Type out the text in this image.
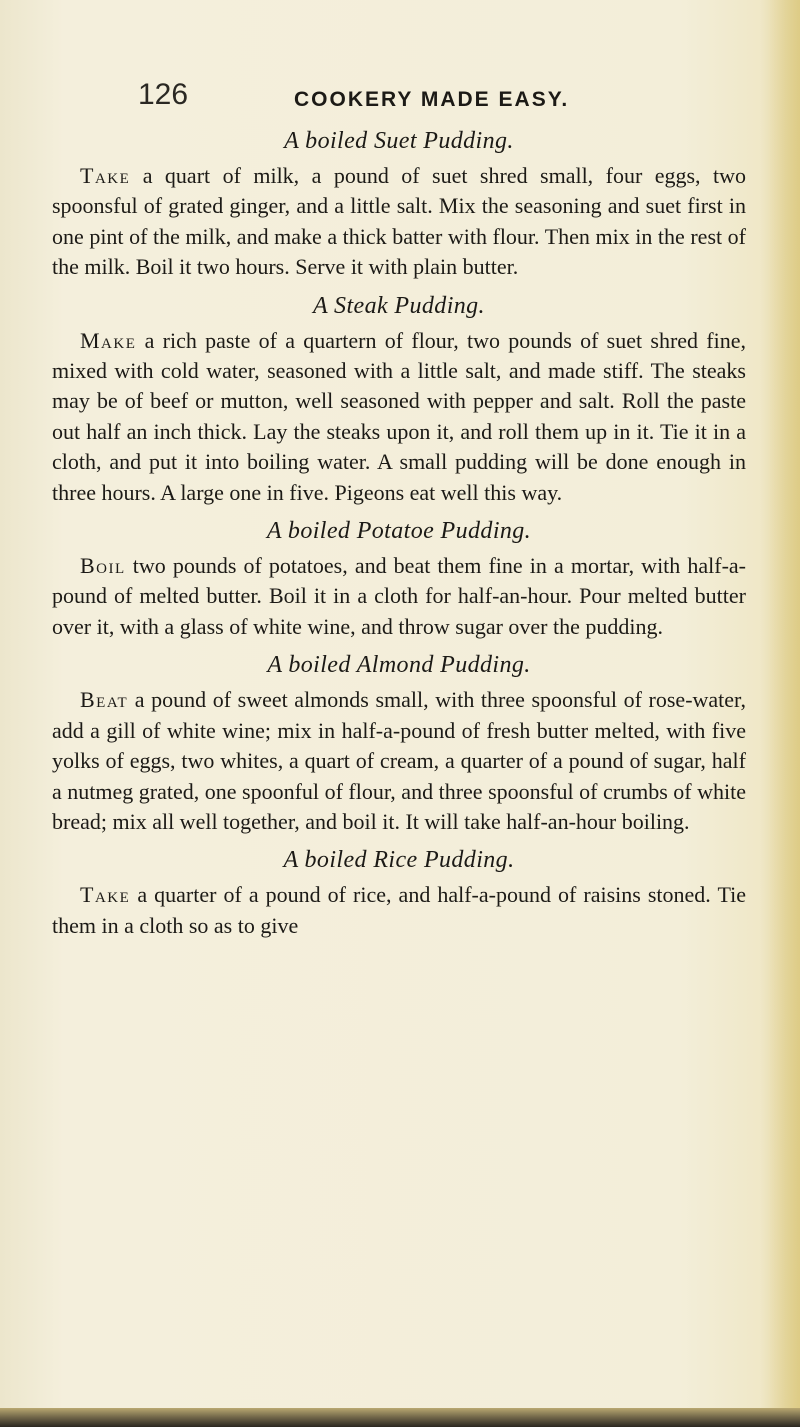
126	COOKERY MADE EASY.
A boiled Suet Pudding.

Take a quart of milk, a pound of suet shred small, four eggs, two spoonsful of grated ginger, and a little salt. Mix the seasoning and suet first in one pint of the milk, and make a thick batter with flour. Then mix in the rest of the milk. Boil it two hours. Serve it with plain butter.

A Steak Pudding.

Make a rich paste of a quartern of flour, two pounds of suet shred fine, mixed with cold water, seasoned with a little salt, and made stiff. The steaks may be of beef or mutton, well seasoned with pepper and salt. Roll the paste out half an inch thick. Lay the steaks upon it, and roll them up in it. Tie it in a cloth, and put it into boiling water. A small pudding will be done enough in three hours. A large one in five. Pigeons eat well this way.

A boiled Potatoe Pudding.

Boil two pounds of potatoes, and beat them fine in a mortar, with half-a-pound of melted butter. Boil it in a cloth for half-an-hour. Pour melted butter over it, with a glass of white wine, and throw sugar over the pudding.

A boiled Almond Pudding.

Beat a pound of sweet almonds small, with three spoonsful of rose-water, add a gill of white wine; mix in half-a-pound of fresh butter melted, with five yolks of eggs, two whites, a quart of cream, a quarter of a pound of sugar, half a nutmeg grated, one spoonful of flour, and three spoonsful of crumbs of white bread; mix all well together, and boil it. It will take half-an-hour boiling.

A boiled Rice Pudding.

Take a quarter of a pound of rice, and half-a-pound of raisins stoned. Tie them in a cloth so as to give
